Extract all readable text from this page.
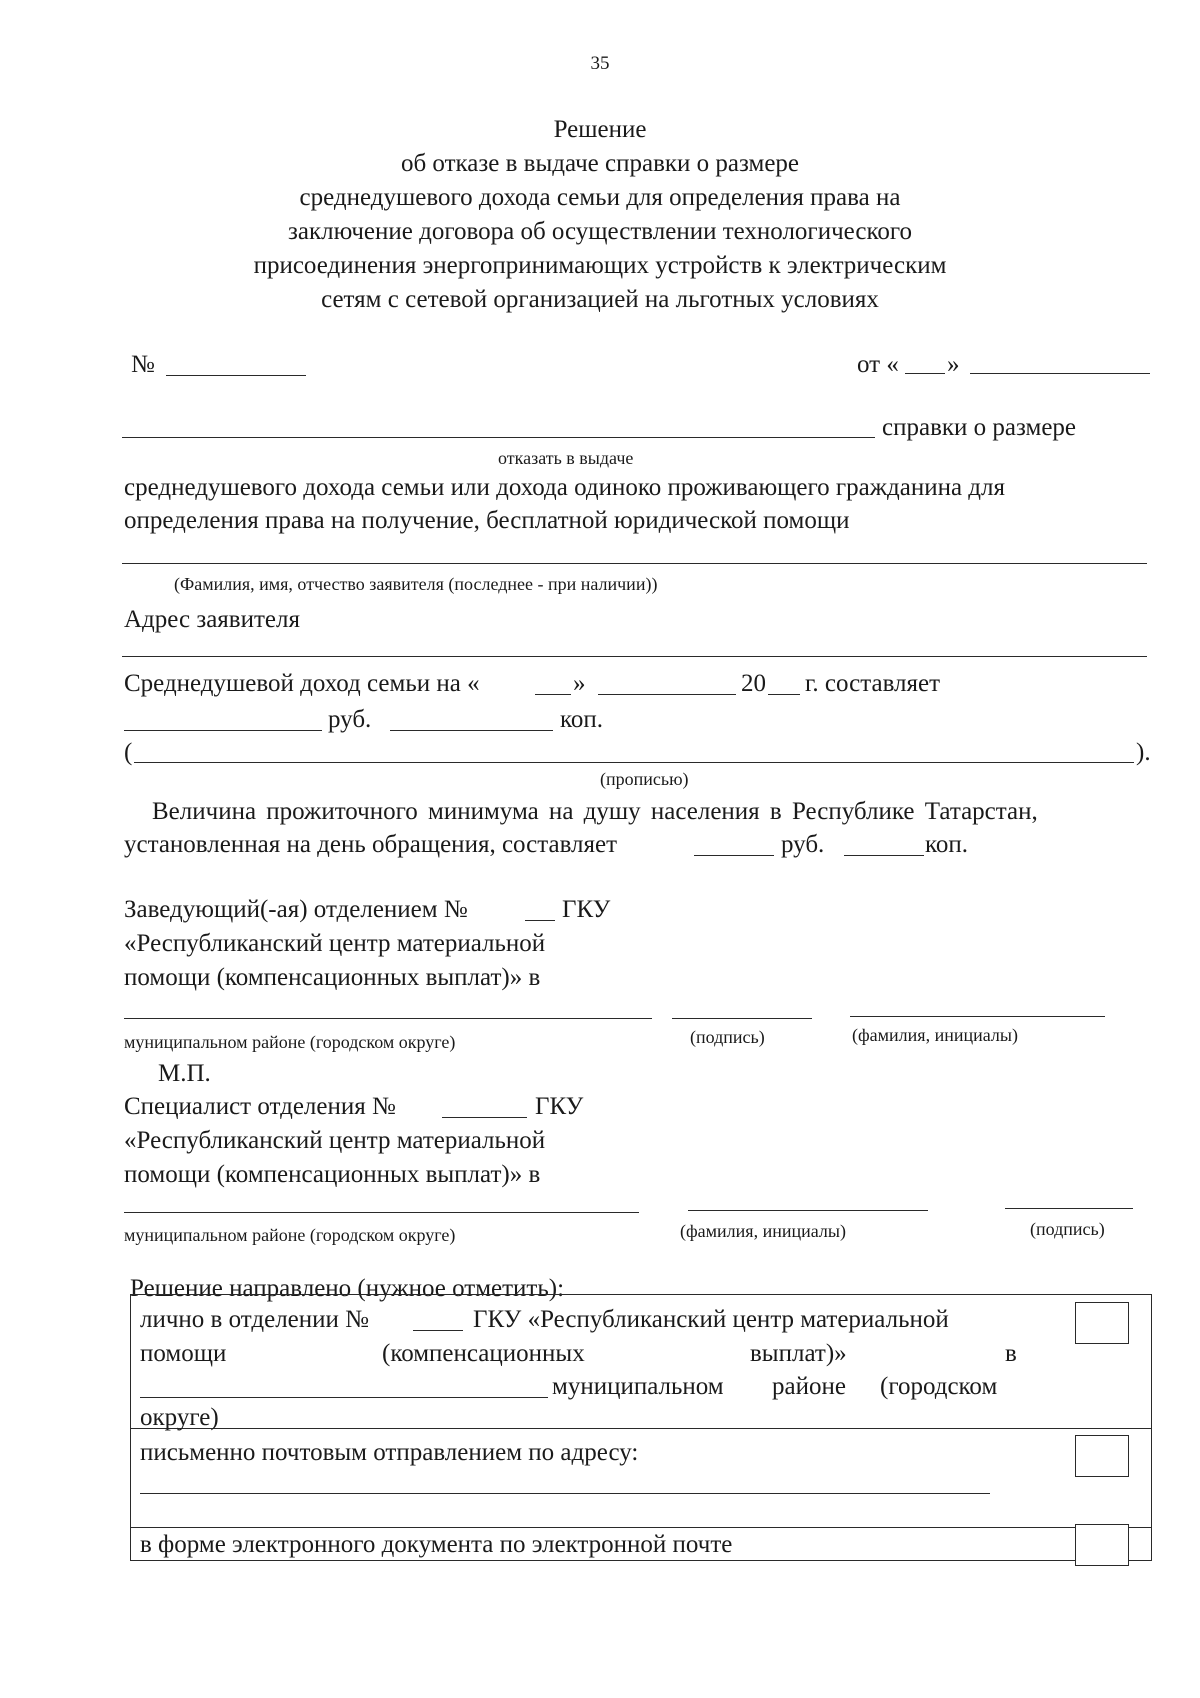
35
Решение
об отказе в выдаче справки о размере
среднедушевого дохода семьи для определения права на
заключение договора об осуществлении технологического
присоединения энергопринимающих устройств к электрическим
сетям с сетевой организацией на льготных условиях
№	от « »
справки о размере
отказать в выдаче
среднедушевого дохода семьи или дохода одиноко проживающего гражданина для
определения права на получение, бесплатной юридической помощи
(Фамилия, имя, отчество заявителя (последнее - при наличии))
Адрес заявителя
Среднедушевой доход семьи на «	»	20 г. составляет
руб.	коп.
(	).
(прописью)
Величина прожиточного минимума на душу населения в Республике Татарстан,
установленная на день обращения, составляет	руб.	коп.
Заведующий(-ая) отделением №	ГКУ
«Республиканский центр материальной
помощи (компенсационных выплат)» в
муниципальном районе (городском округе)	(подпись)	(фамилия, инициалы)
М.П.
Специалист отделения №	ГКУ
«Республиканский центр материальной
помощи (компенсационных выплат)» в
муниципальном районе (городском округе)	(фамилия, инициалы)	(подпись)
Решение направлено (нужное отметить):
лично в отделении №	ГКУ «Республиканский центр материальной
помощи	(компенсационных	выплат)»	в
муниципальном районе (городском
округе)
письменно почтовым отправлением по адресу:
в форме электронного документа по электронной почте
